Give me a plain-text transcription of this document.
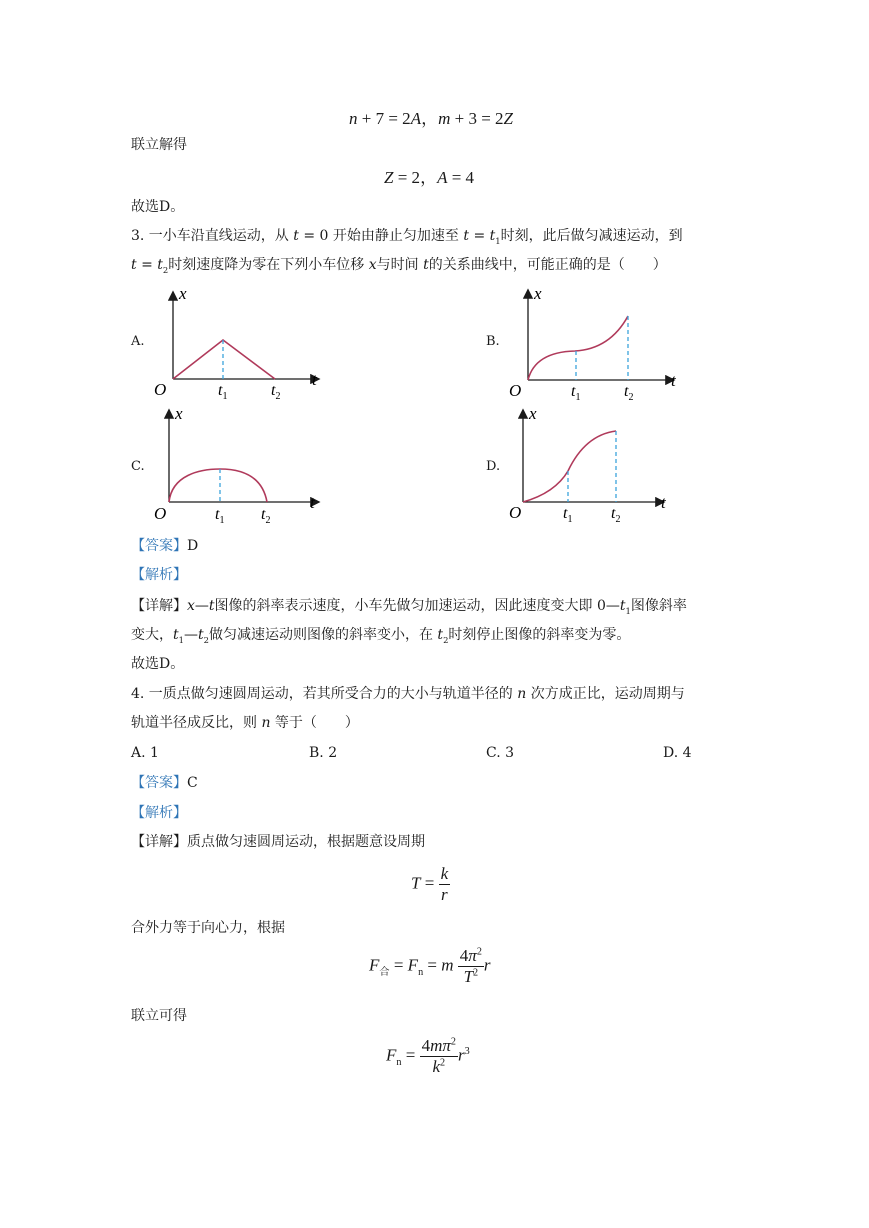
n + 7 = 2A，m + 3 = 2Z
联立解得
Z = 2，A = 4
故选D。
3. 一小车沿直线运动，从 t = 0 开始由静止匀加速至 $t = t_1$时刻，此后做匀减速运动，到
$t = t_2$时刻速度降为零在下列小车位移 x与时间 t的关系曲线中，可能正确的是（　　）
A.	B.
C.	D.
x
t
O	$t_1$	$t_2$
x
t
O	$t_1$	$t_2$
x
t
O	$t_1$ $t_2$
x
t
O	$t_1$ $t_2$
【答案】D
【解析】
【详解】x—t图像的斜率表示速度，小车先做匀加速运动，因此速度变大即 $0—t_1$图像斜率
变大，$t_1—t_2$做匀减速运动则图像的斜率变小，在 $t_2$时刻停止图像的斜率变为零。
故选D。
4. 一质点做匀速圆周运动，若其所受合力的大小与轨道半径的 n 次方成正比，运动周期与
轨道半径成反比，则 n 等于（　　）
A. 1	B. 2	C. 3	D. 4
【答案】C
【解析】
【详解】质点做匀速圆周运动，根据题意设周期
$T = \frac{k}{r}$
合外力等于向心力，根据
$F_合 = F_n = m \frac{4\pi^2}{T^2}$ r
联立可得
$F_n = \frac{4m\pi^2}{k^2} r^3$
